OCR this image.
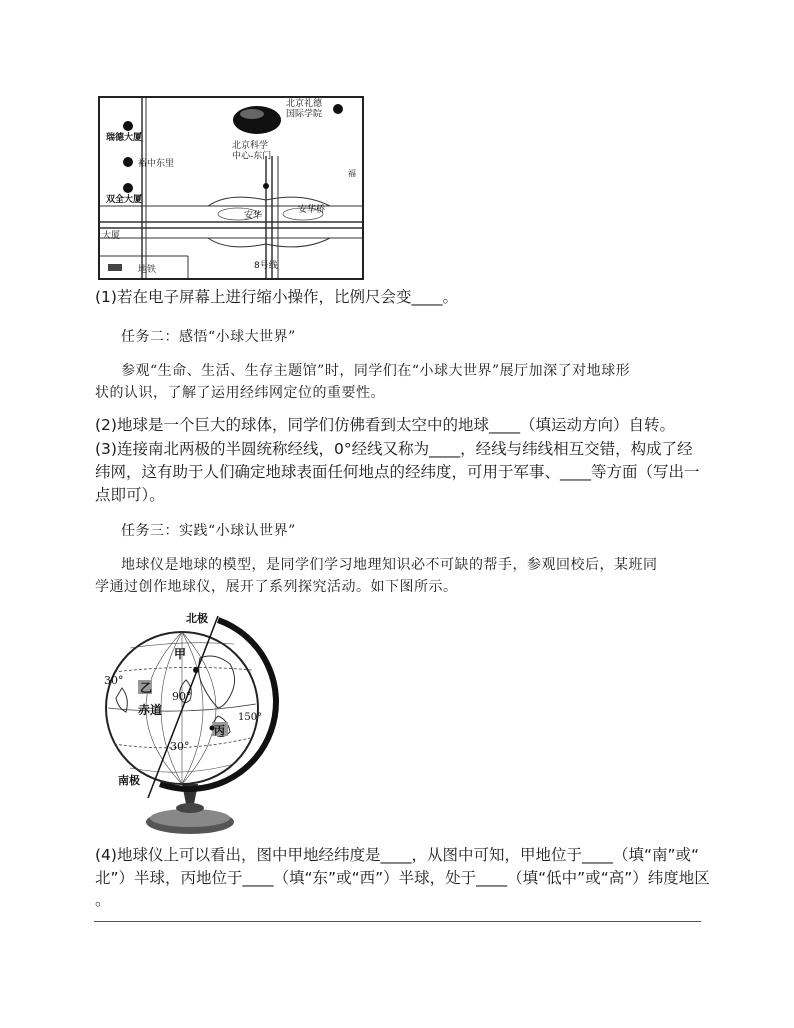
北京礼德国际学院
北京科学中心-东门
瑞德大厦
裕中东里
双全大厦
安华
安华桥
大厦
8号线
福
地铁
(1)若在电子屏幕上进行缩小操作，比例尺会变____。
任务二：感悟“小球大世界”
参观“生命、生活、生存主题馆”时，同学们在“小球大世界”展厅加深了对地球形
状的认识，了解了运用经纬网定位的重要性。
(2)地球是一个巨大的球体，同学们仿佛看到太空中的地球____（填运动方向）自转。
(3)连接南北两极的半圆统称经线，0°经线又称为____，经线与纬线相互交错，构成了经
纬网，这有助于人们确定地球表面任何地点的经纬度，可用于军事、____等方面（写出一
点即可）。
任务三：实践“小球认世界”
地球仪是地球的模型，是同学们学习地理知识必不可缺的帮手，参观回校后，某班同
学通过创作地球仪，展开了系列探究活动。如下图所示。
北极
南极
甲
乙
丙
赤道
30°
30°
90°
150°
(4)地球仪上可以看出，图中甲地经纬度是____，从图中可知，甲地位于____（填“南”或“
北”）半球，丙地位于____（填“东”或“西”）半球，处于____（填“低中”或“高”）纬度地区
。
